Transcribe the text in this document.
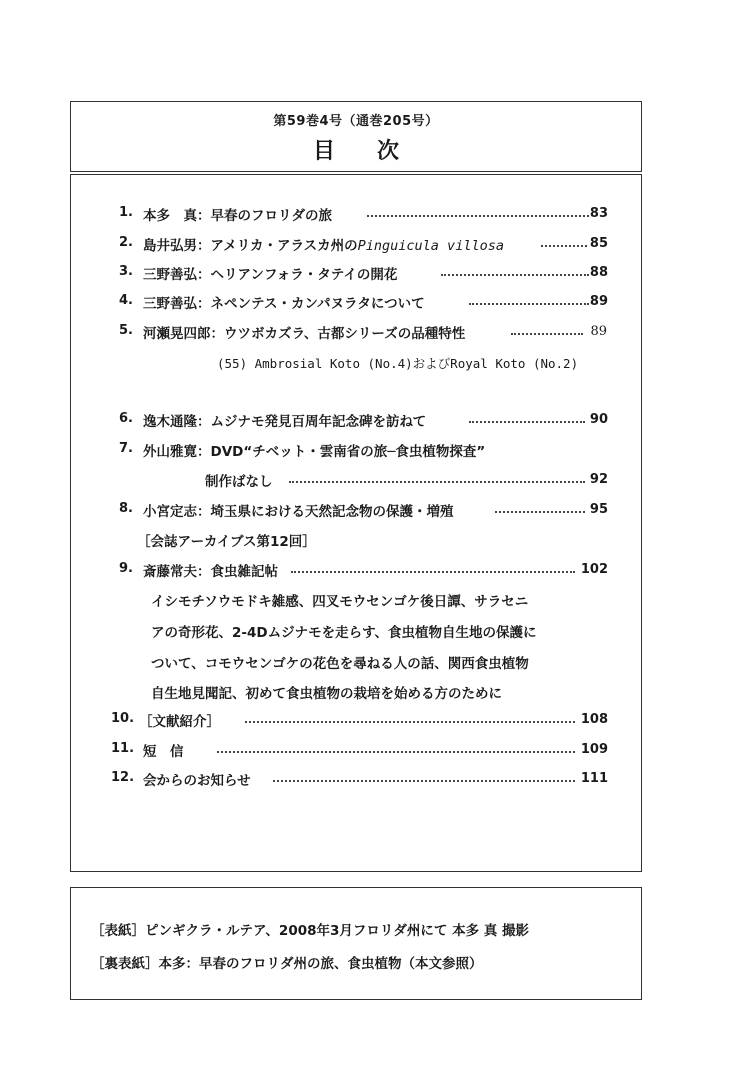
第59巻4号（通巻205号）
目次
1. 本多　真：早春のフロリダの旅	83
2. 島井弘男：アメリカ・アラスカ州のPinguicula villosa	85
3. 三野善弘：ヘリアンフォラ・タテイの開花	88
4. 三野善弘：ネペンテス・カンパヌラタについて	89
5. 河瀬晃四郎：ウツボカズラ、古都シリーズの品種特性	89
(55) Ambrosial Koto (No.4)およびRoyal Koto (No.2)
6. 逸木通隆：ムジナモ発見百周年記念碑を訪ねて	90
7. 外山雅寛：DVD“チベット・雲南省の旅─食虫植物探査”
制作ばなし	92
8. 小宮定志：埼玉県における天然記念物の保護・増殖	95
［会誌アーカイブス第12回］
9. 斎藤常夫：食虫雑記帖	102
イシモチソウモドキ雑感、四叉モウセンゴケ後日譚、サラセニ
アの奇形花、2-4Dムジナモを走らす、食虫植物自生地の保護に
ついて、コモウセンゴケの花色を尋ねる人の話、関西食虫植物
自生地見聞記、初めて食虫植物の栽培を始める方のために
10. ［文献紹介］	108
11. 短　信	109
12. 会からのお知らせ	111
［表紙］ピンギクラ・ルテア、2008年3月フロリダ州にて 本多 真 撮影
［裏表紙］本多：早春のフロリダ州の旅、食虫植物（本文参照）
